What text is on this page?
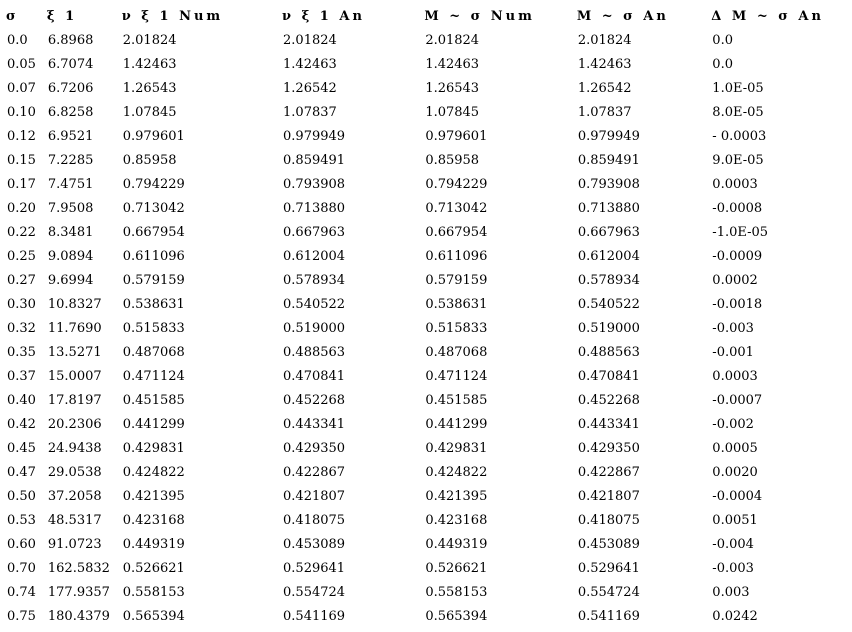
σ	ξ 1	ν ξ 1 Num	ν ξ 1 An	M ~ σ Num	M ~ σ An	Δ M ~ σ An
0.0	6.8968	2.01824	2.01824	2.01824	2.01824	0.0
0.05	6.7074	1.42463	1.42463	1.42463	1.42463	0.0
0.07	6.7206	1.26543	1.26542	1.26543	1.26542	1.0E-05
0.10	6.8258	1.07845	1.07837	1.07845	1.07837	8.0E-05
0.12	6.9521	0.979601	0.979949	0.979601	0.979949	- 0.0003
0.15	7.2285	0.85958	0.859491	0.85958	0.859491	9.0E-05
0.17	7.4751	0.794229	0.793908	0.794229	0.793908	0.0003
0.20	7.9508	0.713042	0.713880	0.713042	0.713880	-0.0008
0.22	8.3481	0.667954	0.667963	0.667954	0.667963	-1.0E-05
0.25	9.0894	0.611096	0.612004	0.611096	0.612004	-0.0009
0.27	9.6994	0.579159	0.578934	0.579159	0.578934	0.0002
0.30	10.8327	0.538631	0.540522	0.538631	0.540522	-0.0018
0.32	11.7690	0.515833	0.519000	0.515833	0.519000	-0.003
0.35	13.5271	0.487068	0.488563	0.487068	0.488563	-0.001
0.37	15.0007	0.471124	0.470841	0.471124	0.470841	0.0003
0.40	17.8197	0.451585	0.452268	0.451585	0.452268	-0.0007
0.42	20.2306	0.441299	0.443341	0.441299	0.443341	-0.002
0.45	24.9438	0.429831	0.429350	0.429831	0.429350	0.0005
0.47	29.0538	0.424822	0.422867	0.424822	0.422867	0.0020
0.50	37.2058	0.421395	0.421807	0.421395	0.421807	-0.0004
0.53	48.5317	0.423168	0.418075	0.423168	0.418075	0.0051
0.60	91.0723	0.449319	0.453089	0.449319	0.453089	-0.004
0.70	162.5832	0.526621	0.529641	0.526621	0.529641	-0.003
0.74	177.9357	0.558153	0.554724	0.558153	0.554724	0.003
0.75	180.4379	0.565394	0.541169	0.565394	0.541169	0.0242
